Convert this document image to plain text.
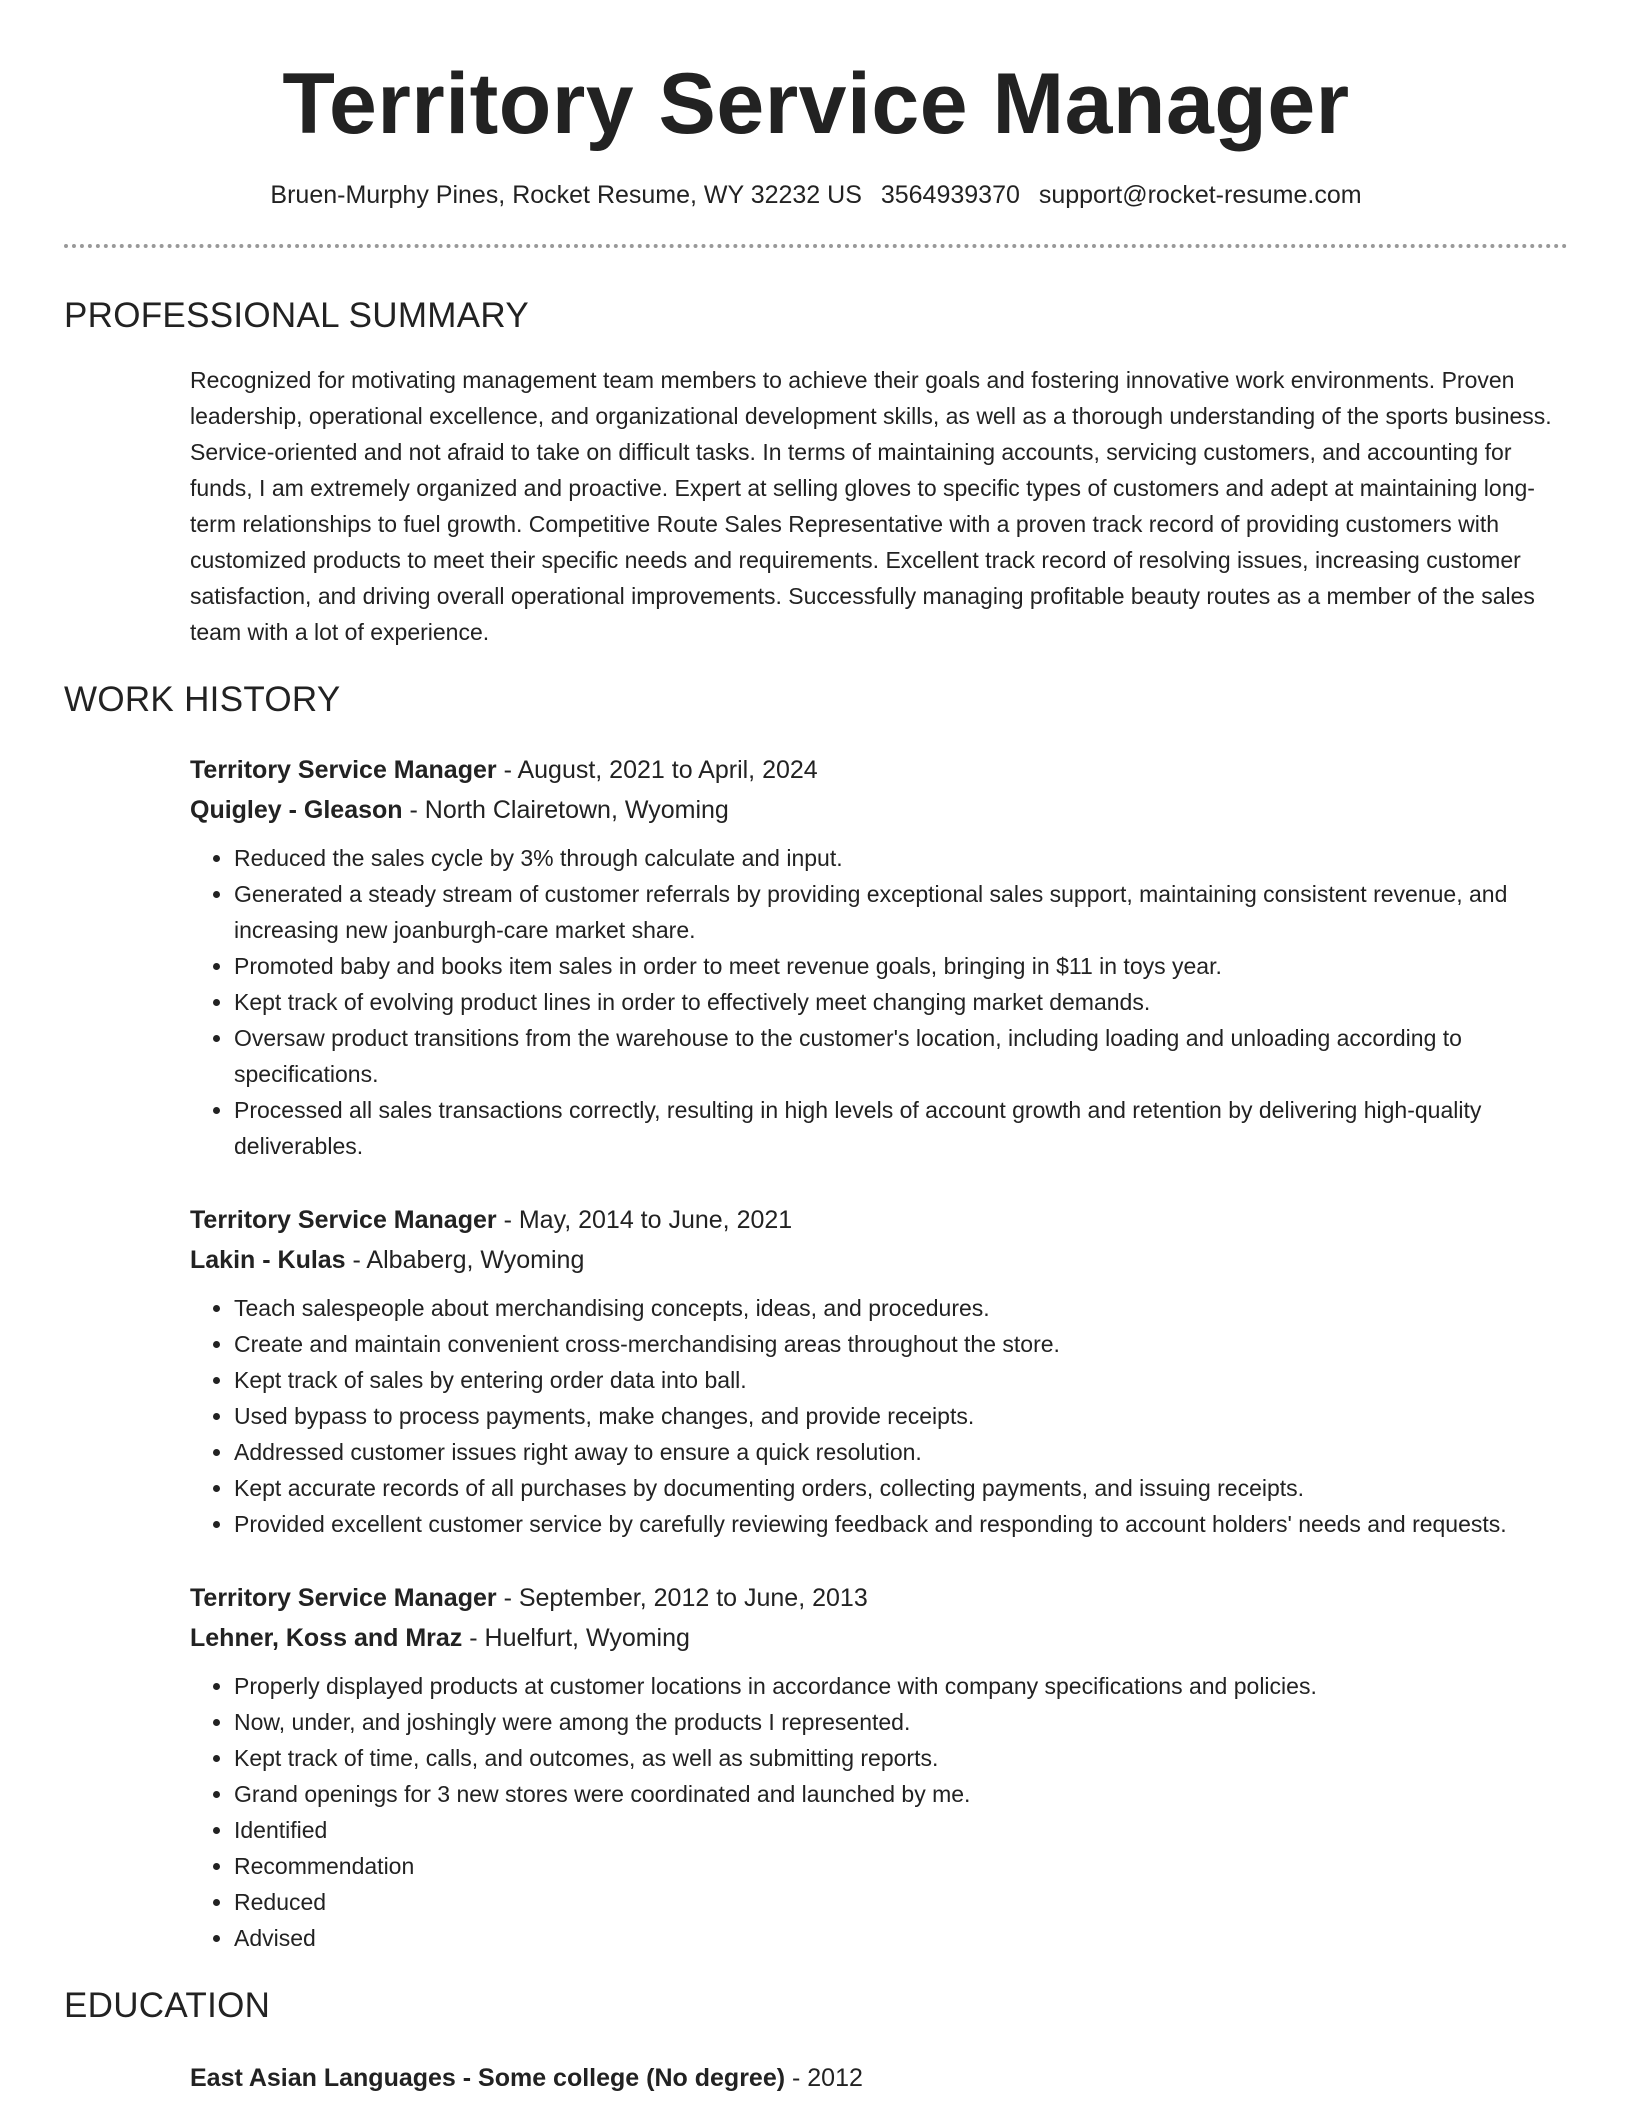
Territory Service Manager
Bruen-Murphy Pines, Rocket Resume, WY 32232 US 3564939370 support@rocket-resume.com
PROFESSIONAL SUMMARY

Recognized for motivating management team members to achieve their goals and fostering innovative work environments. Proven leadership, operational excellence, and organizational development skills, as well as a thorough understanding of the sports business. Service-oriented and not afraid to take on difficult tasks. In terms of maintaining accounts, servicing customers, and accounting for funds, I am extremely organized and proactive. Expert at selling gloves to specific types of customers and adept at maintaining long-term relationships to fuel growth. Competitive Route Sales Representative with a proven track record of providing customers with customized products to meet their specific needs and requirements. Excellent track record of resolving issues, increasing customer satisfaction, and driving overall operational improvements. Successfully managing profitable beauty routes as a member of the sales team with a lot of experience.

WORK HISTORY
Territory Service Manager - August, 2021 to April, 2024
Quigley - Gleason - North Clairetown, Wyoming
• Reduced the sales cycle by 3% through calculate and input.
• Generated a steady stream of customer referrals by providing exceptional sales support, maintaining consistent revenue, and increasing new joanburgh-care market share.
• Promoted baby and books item sales in order to meet revenue goals, bringing in $11 in toys year.
• Kept track of evolving product lines in order to effectively meet changing market demands.
• Oversaw product transitions from the warehouse to the customer's location, including loading and unloading according to specifications.
• Processed all sales transactions correctly, resulting in high levels of account growth and retention by delivering high-quality deliverables.
Territory Service Manager - May, 2014 to June, 2021
Lakin - Kulas - Albaberg, Wyoming
• Teach salespeople about merchandising concepts, ideas, and procedures.
• Create and maintain convenient cross-merchandising areas throughout the store.
• Kept track of sales by entering order data into ball.
• Used bypass to process payments, make changes, and provide receipts.
• Addressed customer issues right away to ensure a quick resolution.
• Kept accurate records of all purchases by documenting orders, collecting payments, and issuing receipts.
• Provided excellent customer service by carefully reviewing feedback and responding to account holders' needs and requests.
Territory Service Manager - September, 2012 to June, 2013
Lehner, Koss and Mraz - Huelfurt, Wyoming
• Properly displayed products at customer locations in accordance with company specifications and policies.
• Now, under, and joshingly were among the products I represented.
• Kept track of time, calls, and outcomes, as well as submitting reports.
• Grand openings for 3 new stores were coordinated and launched by me.
• Identified
• Recommendation
• Reduced
• Advised
EDUCATION
East Asian Languages - Some college (No degree) - 2012
